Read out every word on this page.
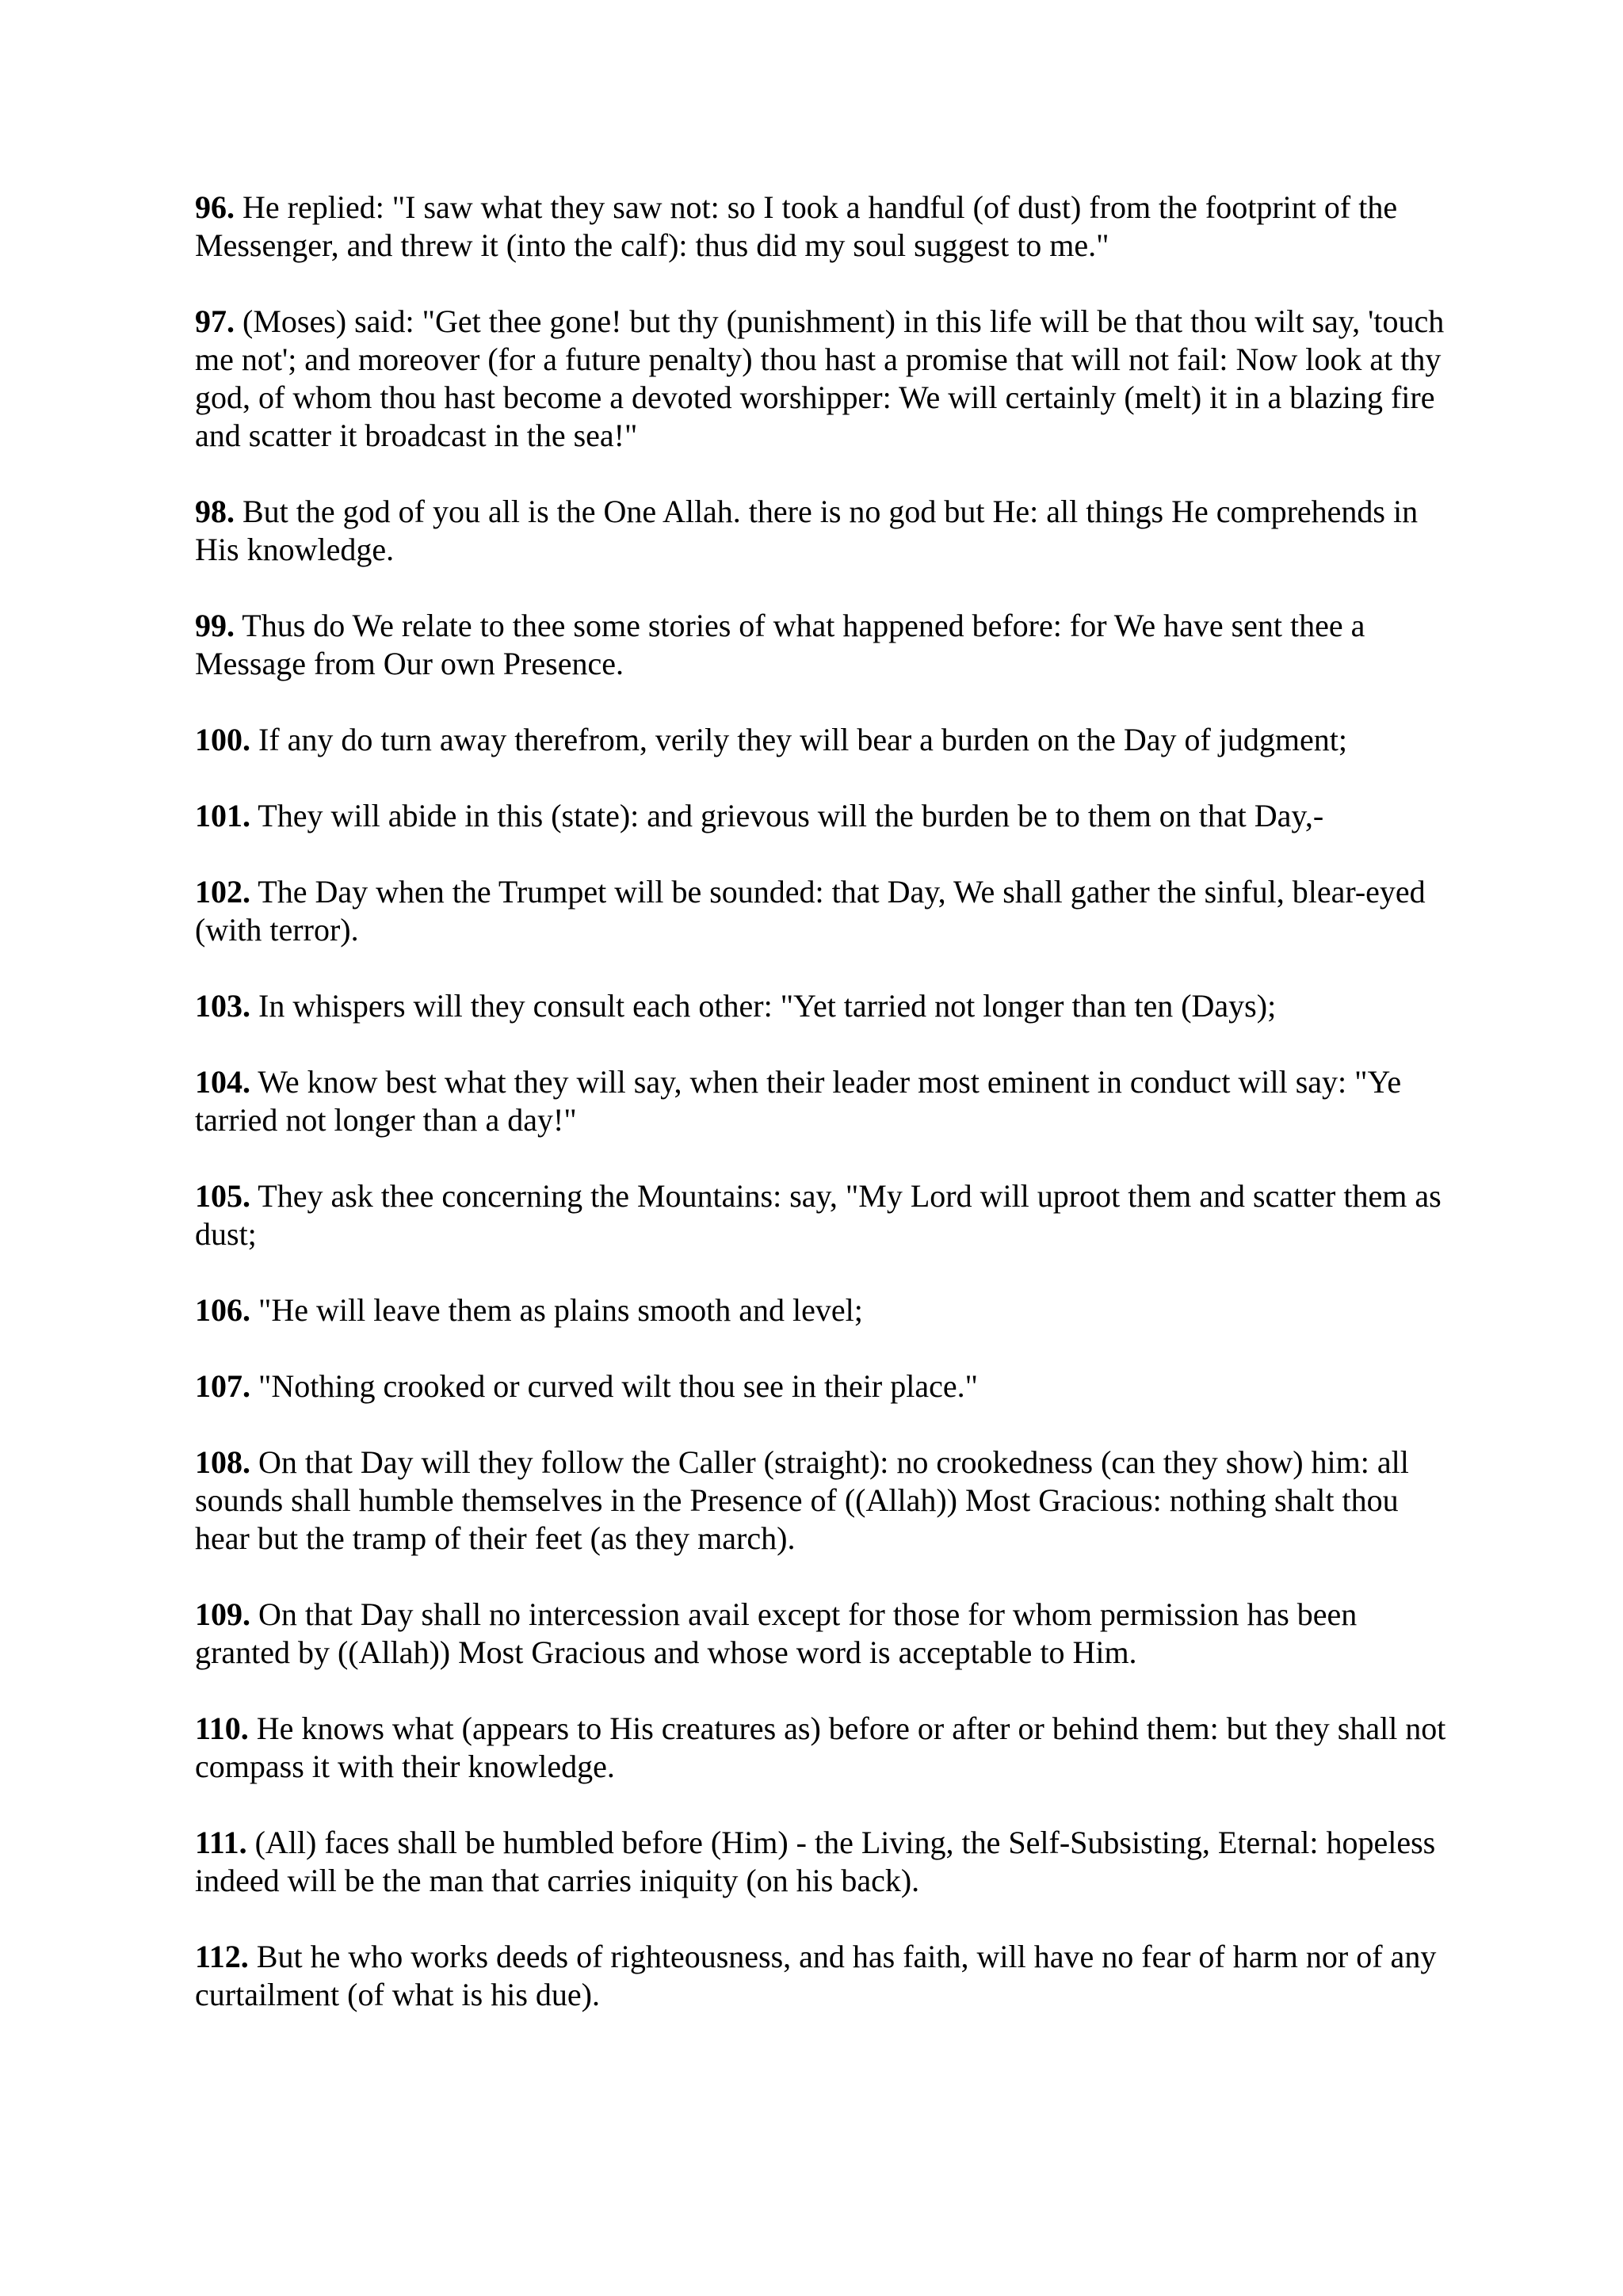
96. He replied: "I saw what they saw not: so I took a handful (of dust) from the footprint of the Messenger, and threw it (into the calf): thus did my soul suggest to me."

97. (Moses) said: "Get thee gone! but thy (punishment) in this life will be that thou wilt say, 'touch me not'; and moreover (for a future penalty) thou hast a promise that will not fail: Now look at thy god, of whom thou hast become a devoted worshipper: We will certainly (melt) it in a blazing fire and scatter it broadcast in the sea!"

98. But the god of you all is the One Allah. there is no god but He: all things He comprehends in His knowledge.

99. Thus do We relate to thee some stories of what happened before: for We have sent thee a Message from Our own Presence.

100. If any do turn away therefrom, verily they will bear a burden on the Day of judgment;

101. They will abide in this (state): and grievous will the burden be to them on that Day,-

102. The Day when the Trumpet will be sounded: that Day, We shall gather the sinful, blear-eyed (with terror).

103. In whispers will they consult each other: "Yet tarried not longer than ten (Days);

104. We know best what they will say, when their leader most eminent in conduct will say: "Ye tarried not longer than a day!"

105. They ask thee concerning the Mountains: say, "My Lord will uproot them and scatter them as dust;

106. "He will leave them as plains smooth and level;

107. "Nothing crooked or curved wilt thou see in their place."

108. On that Day will they follow the Caller (straight): no crookedness (can they show) him: all sounds shall humble themselves in the Presence of ((Allah)) Most Gracious: nothing shalt thou hear but the tramp of their feet (as they march).

109. On that Day shall no intercession avail except for those for whom permission has been granted by ((Allah)) Most Gracious and whose word is acceptable to Him.

110. He knows what (appears to His creatures as) before or after or behind them: but they shall not compass it with their knowledge.

111. (All) faces shall be humbled before (Him) - the Living, the Self-Subsisting, Eternal: hopeless indeed will be the man that carries iniquity (on his back).

112. But he who works deeds of righteousness, and has faith, will have no fear of harm nor of any curtailment (of what is his due).
